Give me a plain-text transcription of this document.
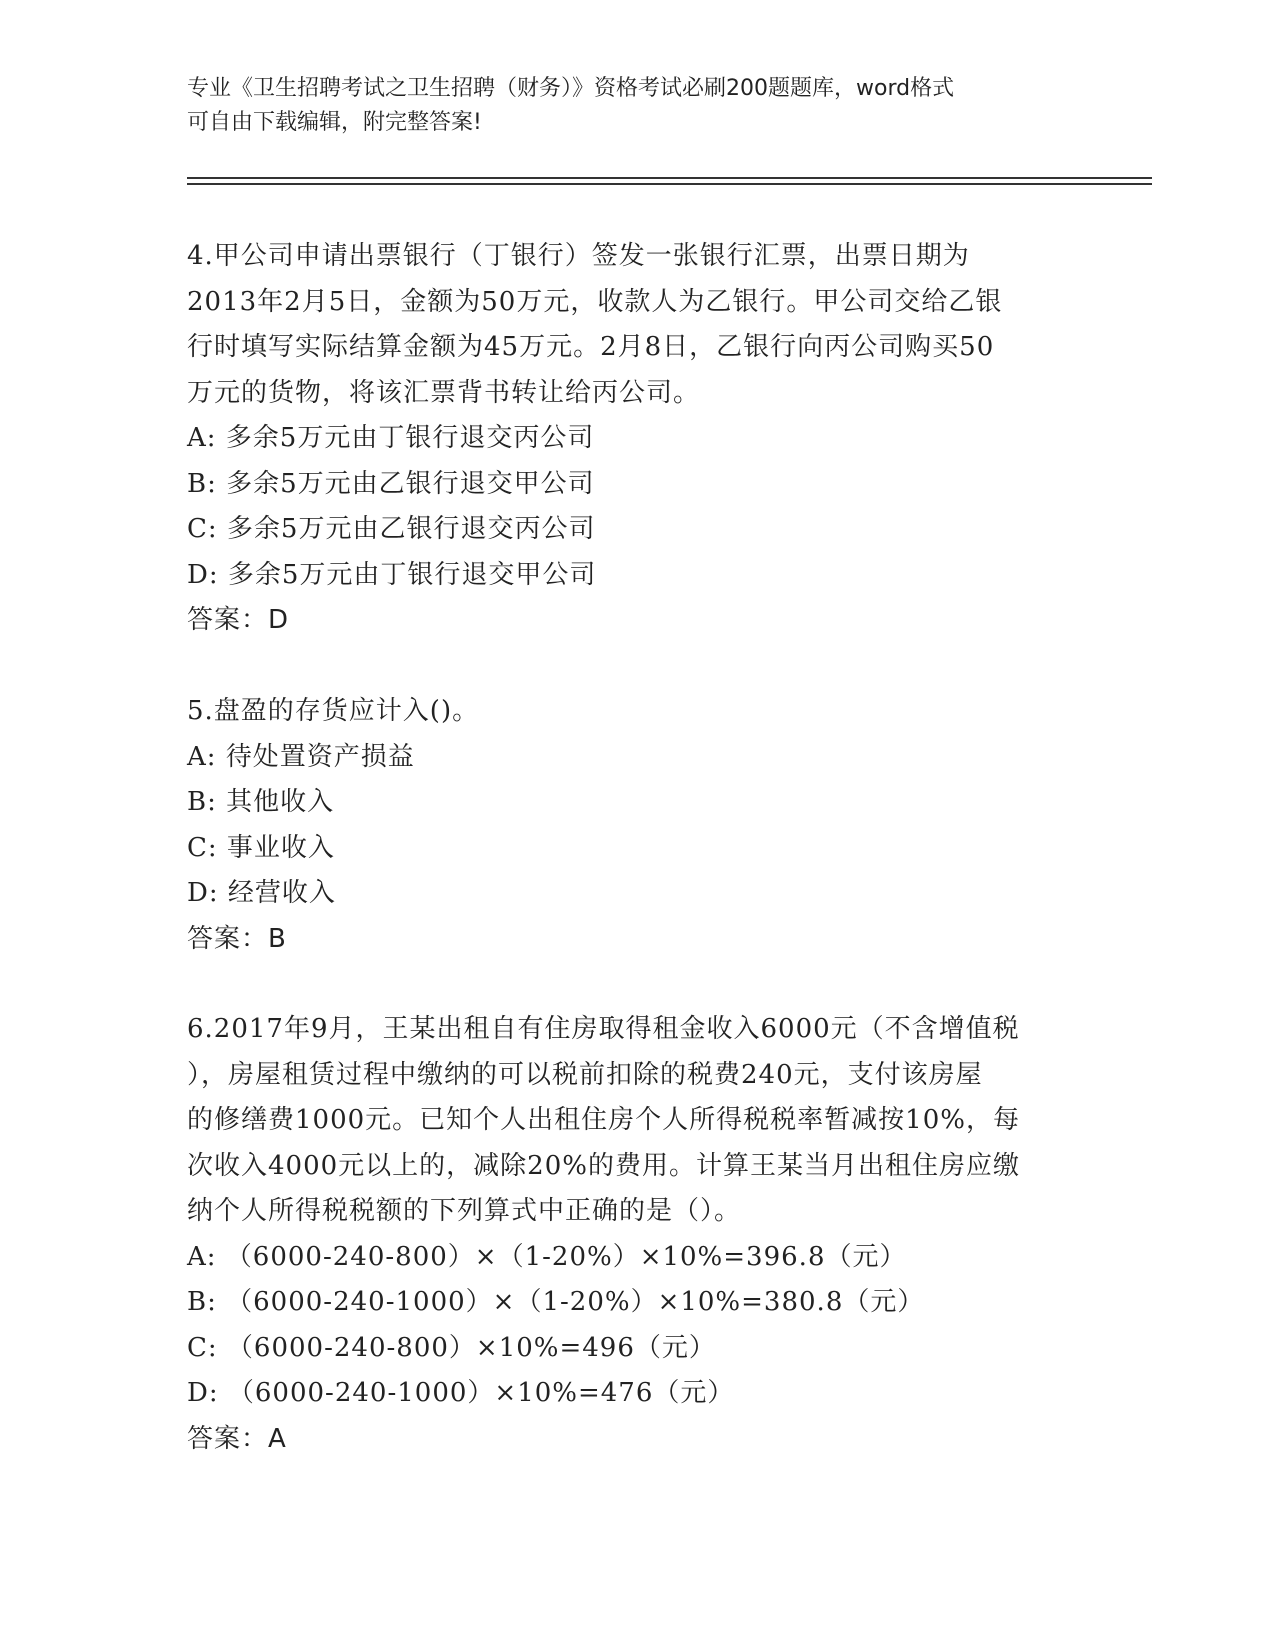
专业《卫生招聘考试之卫生招聘（财务）》资格考试必刷200题题库，word格式
可自由下载编辑，附完整答案!
4.甲公司申请出票银行（丁银行）签发一张银行汇票，出票日期为
2013年2月5日，金额为50万元，收款人为乙银行。甲公司交给乙银
行时填写实际结算金额为45万元。2月8日，乙银行向丙公司购买50
万元的货物，将该汇票背书转让给丙公司。
A: 多余5万元由丁银行退交丙公司
B: 多余5万元由乙银行退交甲公司
C: 多余5万元由乙银行退交丙公司
D: 多余5万元由丁银行退交甲公司
答案：D
5.盘盈的存货应计入()。
A: 待处置资产损益
B: 其他收入
C: 事业收入
D: 经营收入
答案：B
6.2017年9月，王某出租自有住房取得租金收入6000元（不含增值税
），房屋租赁过程中缴纳的可以税前扣除的税费240元，支付该房屋
的修缮费1000元。已知个人出租住房个人所得税税率暂减按10%，每
次收入4000元以上的，减除20%的费用。计算王某当月出租住房应缴
纳个人所得税税额的下列算式中正确的是（）。
A: （6000-240-800）×（1-20%）×10%=396.8（元）
B: （6000-240-1000）×（1-20%）×10%=380.8（元）
C: （6000-240-800）×10%=496（元）
D: （6000-240-1000）×10%=476（元）
答案：A
